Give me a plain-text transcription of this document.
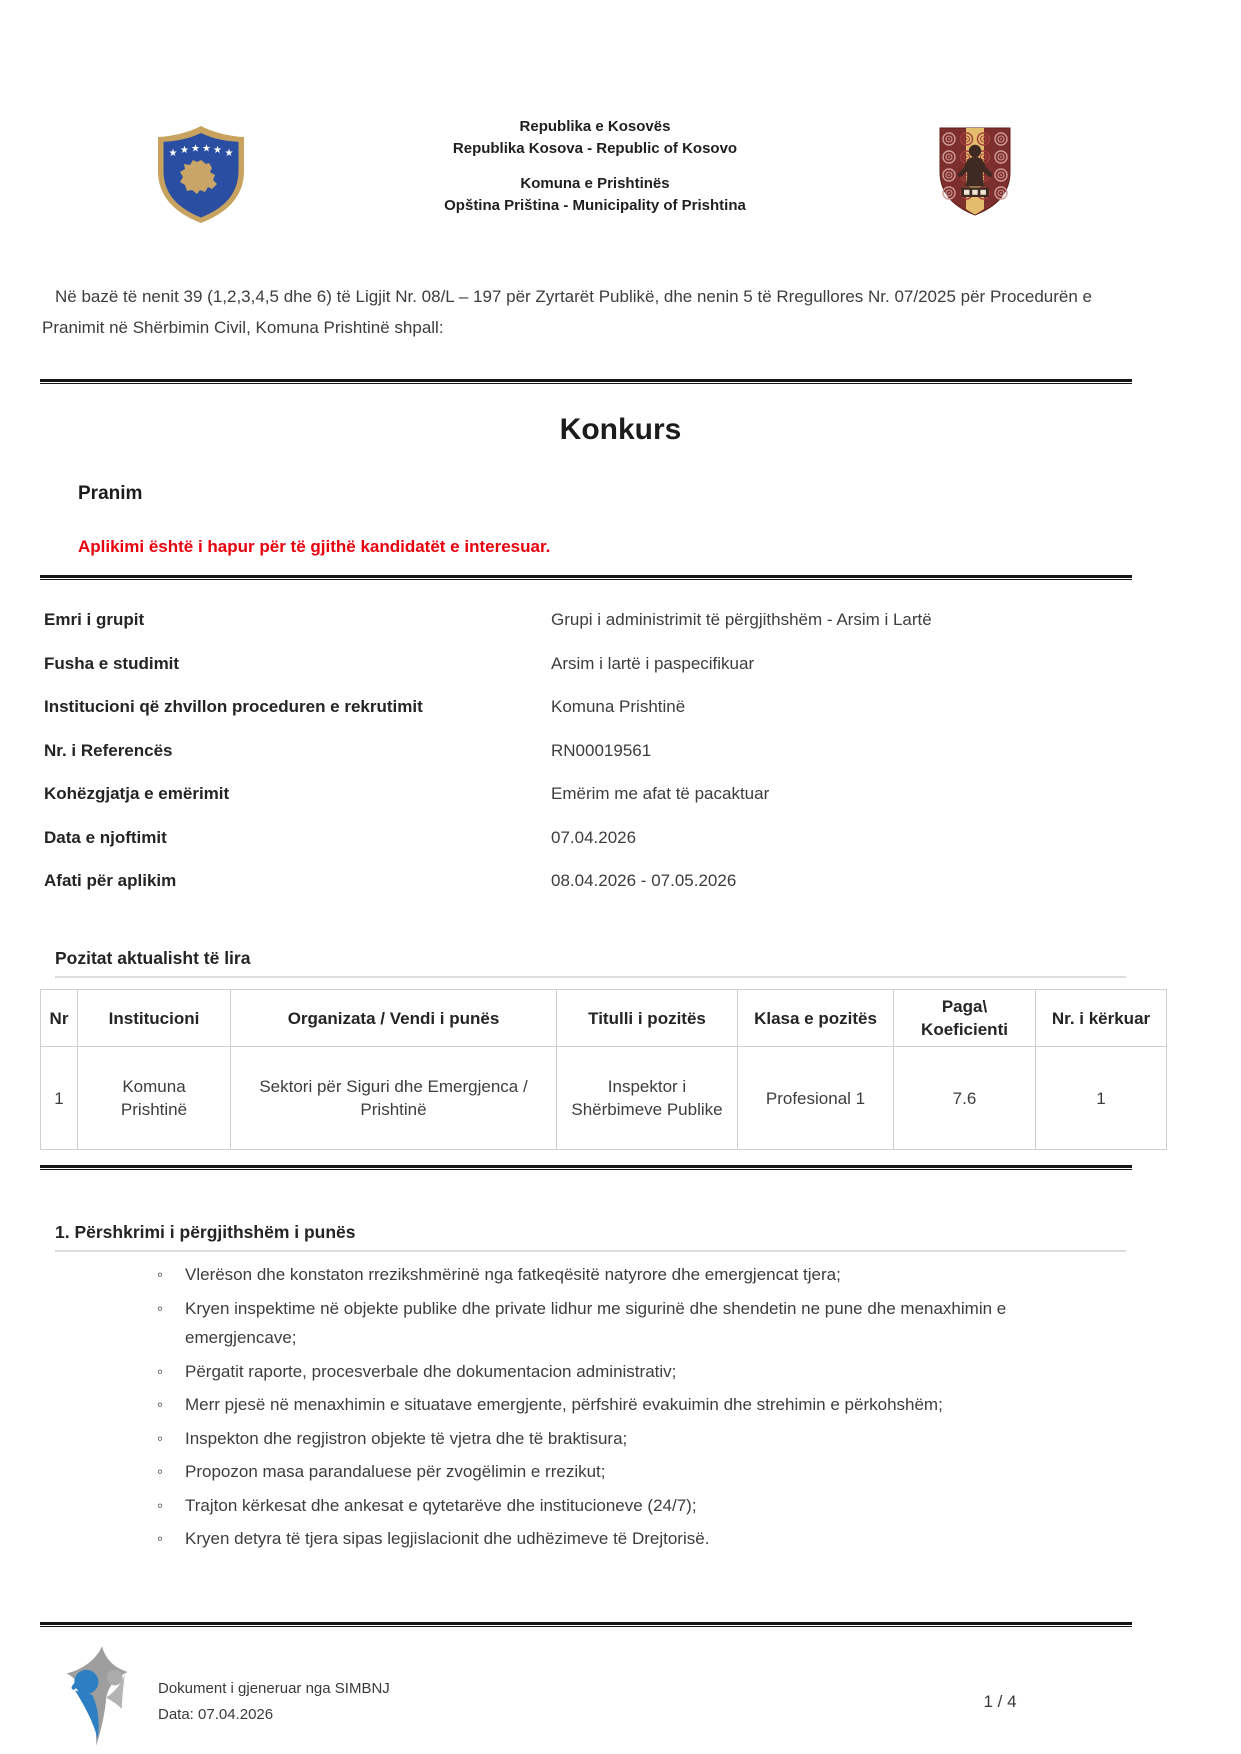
★ ★ ★ ★ ★ ★
Republika e Kosovës
Republika Kosova - Republic of Kosovo
Komuna e Prishtinës
Opština Priština - Municipality of Prishtina
Në bazë të nenit 39 (1,2,3,4,5 dhe 6) të Ligjit Nr. 08/L – 197 për Zyrtarët Publikë, dhe nenin 5 të Rregullores Nr. 07/2025 për Procedurën e Pranimit në Shërbimin Civil, Komuna Prishtinë shpall:
Konkurs
Pranim
Aplikimi është i hapur për të gjithë kandidatët e interesuar.
Emri i grupit	Grupi i administrimit të përgjithshëm - Arsim i Lartë
Fusha e studimit	Arsim i lartë i paspecifikuar
Institucioni që zhvillon proceduren e rekrutimit	Komuna Prishtinë
Nr. i Referencës	RN00019561
Kohëzgjatja e emërimit	Emërim me afat të pacaktuar
Data e njoftimit	07.04.2026
Afati për aplikim	08.04.2026 - 07.05.2026
Pozitat aktualisht të lira
Nr	Institucioni	Organizata / Vendi i punës	Titulli i pozitës	Klasa e pozitës	Paga\ Koeficienti	Nr. i kërkuar
1	Komuna Prishtinë	Sektori për Siguri dhe Emergjenca / Prishtinë	Inspektor i Shërbimeve Publike	Profesional 1	7.6	1
1. Përshkrimi i përgjithshëm i punës
◦ Vlerëson dhe konstaton rrezikshmërinë nga fatkeqësitë natyrore dhe emergjencat tjera;
◦ Kryen inspektime në objekte publike dhe private lidhur me sigurinë dhe shendetin ne pune dhe menaxhimin e emergjencave;
◦ Përgatit raporte, procesverbale dhe dokumentacion administrativ;
◦ Merr pjesë në menaxhimin e situatave emergjente, përfshirë evakuimin dhe strehimin e përkohshëm;
◦ Inspekton dhe regjistron objekte të vjetra dhe të braktisura;
◦ Propozon masa parandaluese për zvogëlimin e rrezikut;
◦ Trajton kërkesat dhe ankesat e qytetarëve dhe institucioneve (24/7);
◦ Kryen detyra të tjera sipas legjislacionit dhe udhëzimeve të Drejtorisë.
Dokument i gjeneruar nga SIMBNJ
Data: 07.04.2026
1 / 4
